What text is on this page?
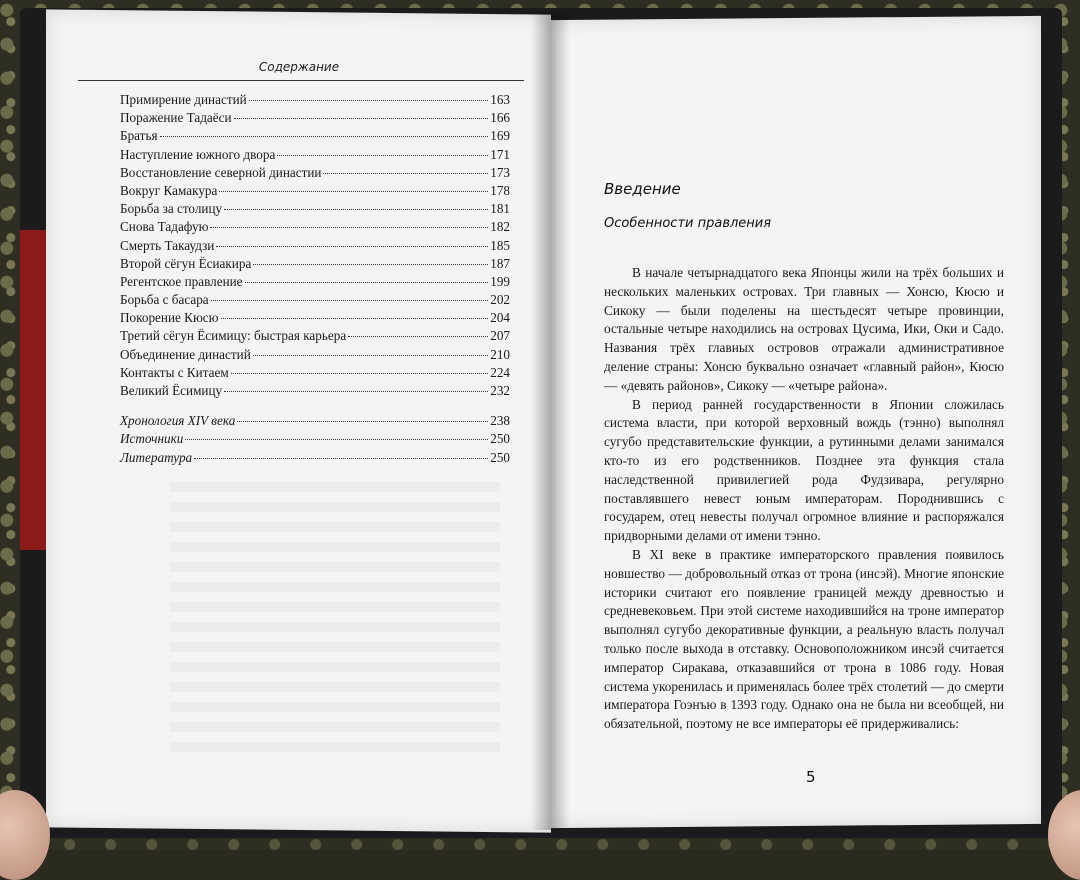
Содержание
Примирение династий	163
Поражение Тадаёси	166
Братья	169
Наступление южного двора	171
Восстановление северной династии	173
Вокруг Камакура	178
Борьба за столицу	181
Снова Тадафую	182
Смерть Такаудзи	185
Второй сёгун Ёсиакира	187
Регентское правление	199
Борьба с басара	202
Покорение Кюсю	204
Третий сёгун Ёсимицу: быстрая карьера	207
Объединение династий	210
Контакты с Китаем	224
Великий Ёсимицу	232
Хронология XIV века	238
Источники	250
Литература	250
Введение
Особенности правления

В начале четырнадцатого века Японцы жили на трёх больших и нескольких маленьких островах. Три главных — Хонсю, Кюсю и Сикоку — были поделены на шестьдесят четыре провинции, остальные четыре находились на островах Цусима, Ики, Оки и Садо. Названия трёх главных островов отражали административное деление страны: Хонсю буквально означает «главный район», Кюсю — «девять районов», Сикоку — «четыре района».

В период ранней государственности в Японии сложилась система власти, при которой верховный вождь (тэнно) выполнял сугубо представительские функции, а рутинными делами занимался кто-то из его родственников. Позднее эта функция стала наследственной привилегией рода Фудзивара, регулярно поставлявшего невест юным императорам. Породнившись с государем, отец невесты получал огромное влияние и распоряжался придворными делами от имени тэнно.

В XI веке в практике императорского правления появилось новшество — добровольный отказ от трона (инсэй). Многие японские историки считают его появление границей между древностью и средневековьем. При этой системе находившийся на троне император выполнял сугубо декоративные функции, а реальную власть получал только после выхода в отставку. Основоположником инсэй считается император Сиракава, отказавшийся от трона в 1086 году. Новая система укоренилась и применялась более трёх столетий — до смерти императора Гоэнъю в 1393 году. Однако она не была ни всеобщей, ни обязательной, поэтому не все императоры её придерживались:

5
